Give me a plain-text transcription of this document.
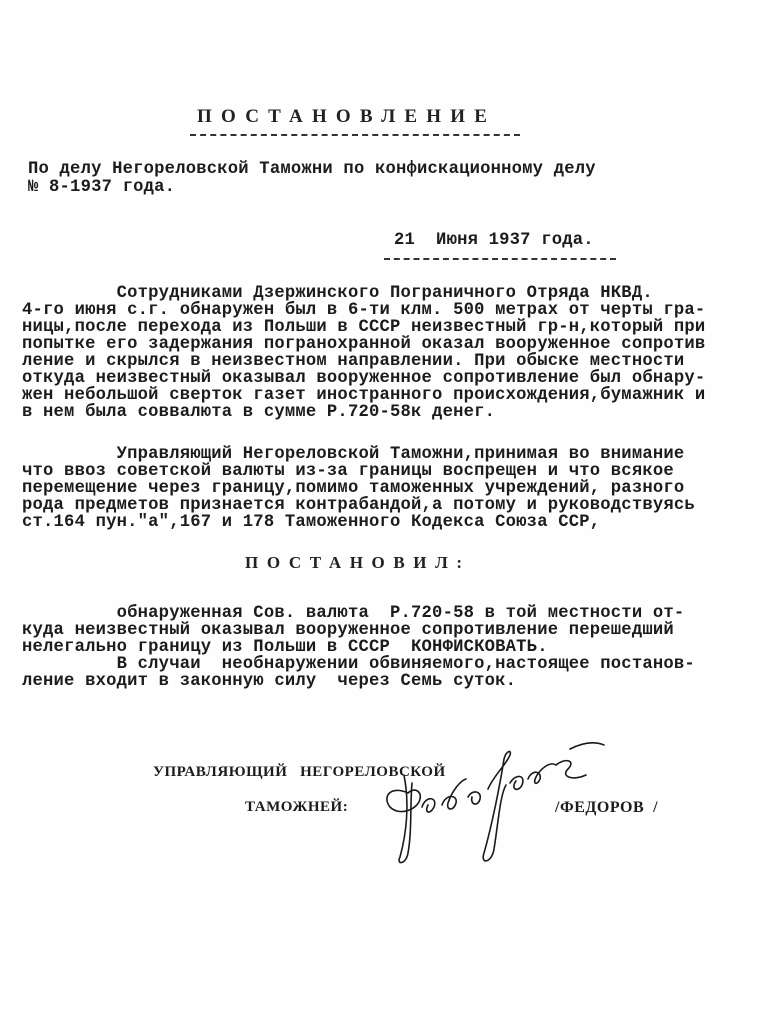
ПОСТАНОВЛЕНИЕ
По делу Негореловской Таможни по конфискационному делу
№ 8-1937 года.
21  Июня 1937 года.
Сотрудниками Дзержинского Пограничного Отряда НКВД.
4-го июня с.г. обнаружен был в 6-ти клм. 500 метрах от черты гра-
ницы,после перехода из Польши в СССР неизвестный гр-н,который при
попытке его задержания погранохранной оказал вооруженное сопротив
ление и скрылся в неизвестном направлении. При обыске местности
откуда неизвестный оказывал вооруженное сопротивление был обнару-
жен небольшой сверток газет иностранного происхождения,бумажник и
в нем была соввалюта в сумме Р.720-58к денег.
Управляющий Негореловской Таможни,принимая во внимание
что ввоз советской валюты из-за границы воспрещен и что всякое
перемещение через границу,помимо таможенных учреждений, разного
рода предметов признается контрабандой,а потому и руководствуясь
ст.164 пун."а",167 и 178 Таможенного Кодекса Союза ССР,
ПОСТАНОВИЛ:
обнаруженная Сов. валюта  Р.720-58 в той местности от-
куда неизвестный оказывал вооруженное сопротивление перешедший
нелегально границу из Польши в СССР  КОНФИСКОВАТЬ.
В случаи  необнаружении обвиняемого,настоящее постанов-
ление входит в законную силу  через Семь суток.
УПРАВЛЯЮЩИЙ   НЕГОРЕЛОВСКОЙ
ТАМОЖНЕЙ:	/ФЕДОРОВ  /
